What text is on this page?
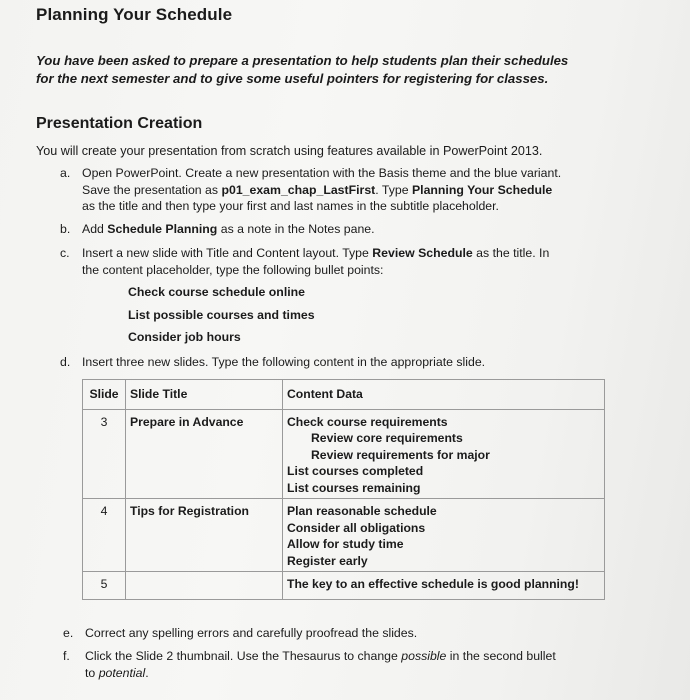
Planning Your Schedule
You have been asked to prepare a presentation to help students plan their schedules
for the next semester and to give some useful pointers for registering for classes.
Presentation Creation
You will create your presentation from scratch using features available in PowerPoint 2013.
a. Open PowerPoint. Create a new presentation with the Basis theme and the blue variant.
Save the presentation as p01_exam_chap_LastFirst. Type Planning Your Schedule
as the title and then type your first and last names in the subtitle placeholder.
b. Add Schedule Planning as a note in the Notes pane.
c.	Insert a new slide with Title and Content layout. Type Review Schedule as the title. In
the content placeholder, type the following bullet points:
Check course schedule online
List possible courses and times
Consider job hours
d. Insert three new slides. Type the following content in the appropriate slide.
Slide	Slide Title	Content Data
3	Prepare in Advance	Check course requirements
Review core requirements
Review requirements for major
List courses completed
List courses remaining

4	Tips for Registration	Plan reasonable schedule
Consider all obligations
Allow for study time
Register early

5		The key to an effective schedule is good planning!
e. Correct any spelling errors and carefully proofread the slides.
f.	Click the Slide 2 thumbnail. Use the Thesaurus to change possible in the second bullet
to potential.
